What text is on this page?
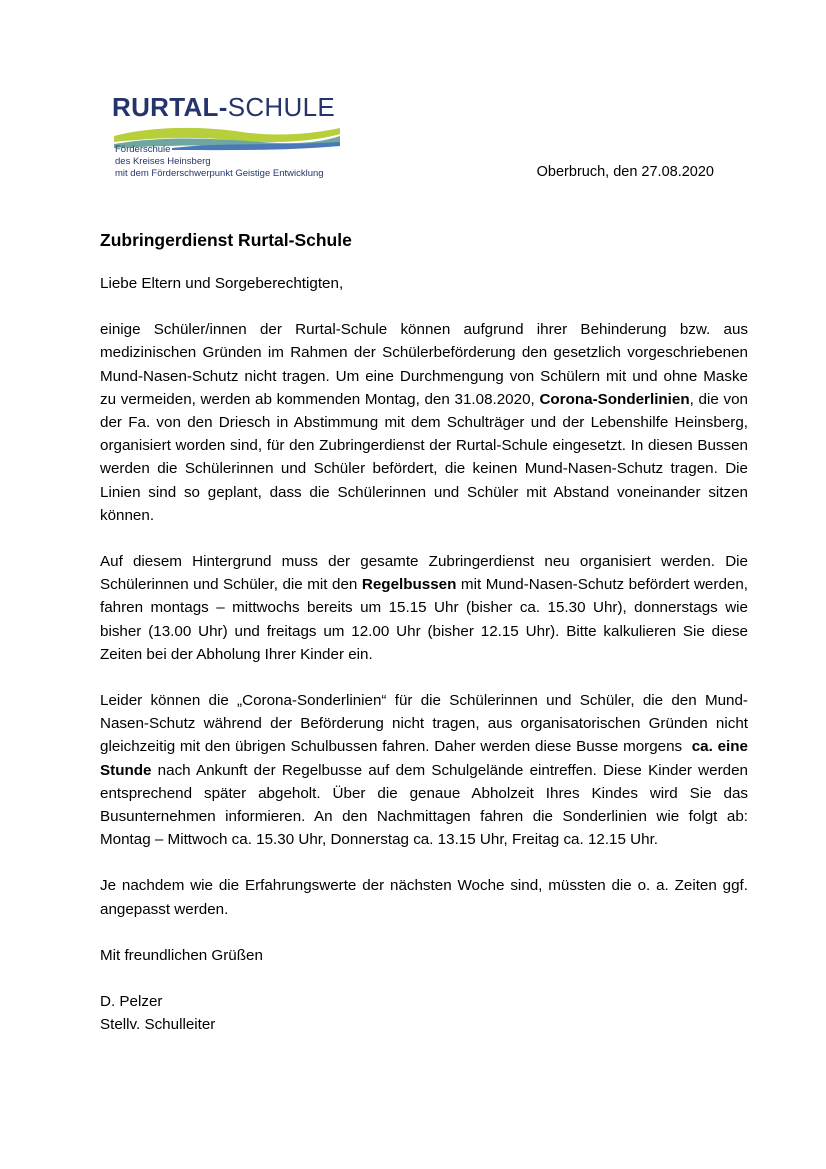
RURTAL-SCHULE
Förderschule
des Kreises Heinsberg
mit dem Förderschwerpunkt Geistige Entwicklung	Oberbruch, den 27.08.2020
Zubringerdienst Rurtal-Schule

Liebe Eltern und Sorgeberechtigten,

einige Schüler/innen der Rurtal-Schule können aufgrund ihrer Behinderung bzw. aus medizinischen Gründen im Rahmen der Schülerbeförderung den gesetzlich vorgeschriebenen Mund-Nasen-Schutz nicht tragen. Um eine Durchmengung von Schülern mit und ohne Maske zu vermeiden, werden ab kommenden Montag, den 31.08.2020, Corona-Sonderlinien, die von der Fa. von den Driesch in Abstimmung mit dem Schulträger und der Lebenshilfe Heinsberg, organisiert worden sind, für den Zubringerdienst der Rurtal-Schule eingesetzt. In diesen Bussen werden die Schülerinnen und Schüler befördert, die keinen Mund-Nasen-Schutz tragen. Die Linien sind so geplant, dass die Schülerinnen und Schüler mit Abstand voneinander sitzen können.

Auf diesem Hintergrund muss der gesamte Zubringerdienst neu organisiert werden. Die Schülerinnen und Schüler, die mit den Regelbussen mit Mund-Nasen-Schutz befördert werden, fahren montags – mittwochs bereits um 15.15 Uhr (bisher ca. 15.30 Uhr), donnerstags wie bisher (13.00 Uhr) und freitags um 12.00 Uhr (bisher 12.15 Uhr). Bitte kalkulieren Sie diese Zeiten bei der Abholung Ihrer Kinder ein.

Leider können die „Corona-Sonderlinien“ für die Schülerinnen und Schüler, die den Mund-Nasen-Schutz während der Beförderung nicht tragen, aus organisatorischen Gründen nicht gleichzeitig mit den übrigen Schulbussen fahren. Daher werden diese Busse morgens  ca. eine Stunde nach Ankunft der Regelbusse auf dem Schulgelände eintreffen. Diese Kinder werden entsprechend später abgeholt. Über die genaue Abholzeit Ihres Kindes wird Sie das Busunternehmen informieren. An den Nachmittagen fahren die Sonderlinien wie folgt ab: Montag – Mittwoch ca. 15.30 Uhr, Donnerstag ca. 13.15 Uhr, Freitag ca. 12.15 Uhr.

Je nachdem wie die Erfahrungswerte der nächsten Woche sind, müssten die o. a. Zeiten ggf. angepasst werden.

Mit freundlichen Grüßen

D. Pelzer

Stellv. Schulleiter
